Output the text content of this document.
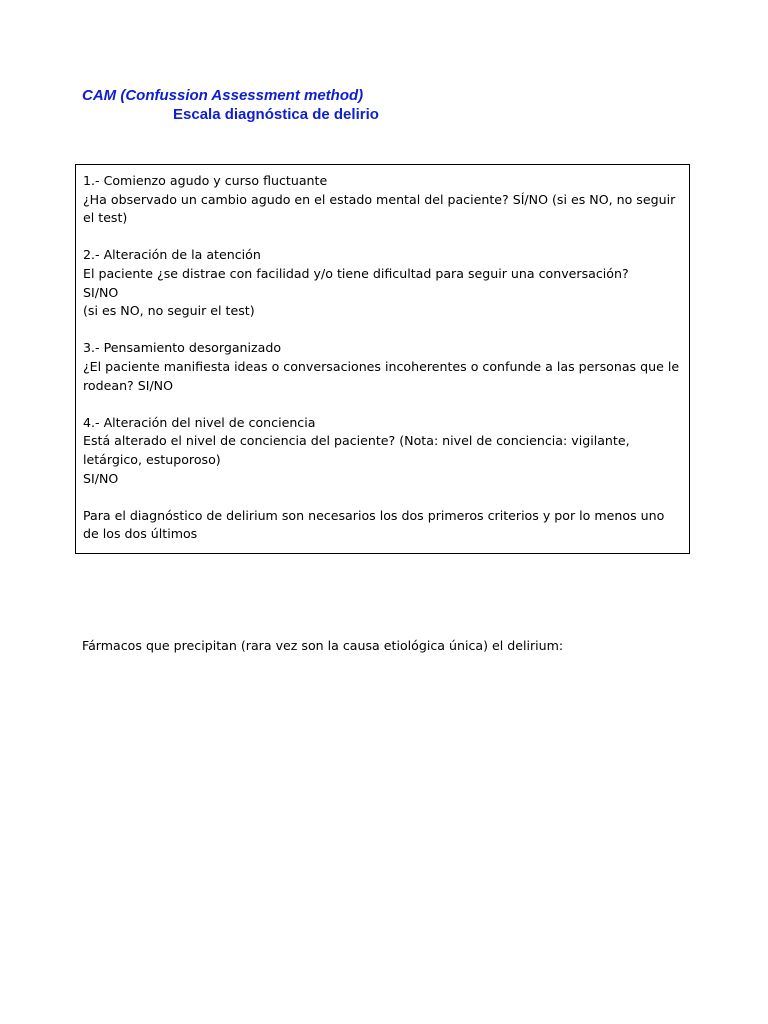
CAM (Confussion Assessment method)
Escala diagnóstica de delirio

1.- Comienzo agudo y curso fluctuante
¿Ha observado un cambio agudo en el estado mental del paciente? SÍ/NO (si es NO, no seguir el test)

2.- Alteración de la atención
El paciente ¿se distrae con facilidad y/o tiene dificultad para seguir una conversación?
SI/NO
(si es NO, no seguir el test)

3.- Pensamiento desorganizado
¿El paciente manifiesta ideas o conversaciones incoherentes o confunde a las personas que le rodean? SI/NO

4.- Alteración del nivel de conciencia
Está alterado el nivel de conciencia del paciente? (Nota: nivel de conciencia: vigilante, letárgico, estuporoso)
SI/NO

Para el diagnóstico de delirium son necesarios los dos primeros criterios y por lo menos uno de los dos últimos

Fármacos que precipitan (rara vez son la causa etiológica única) el delirium:
